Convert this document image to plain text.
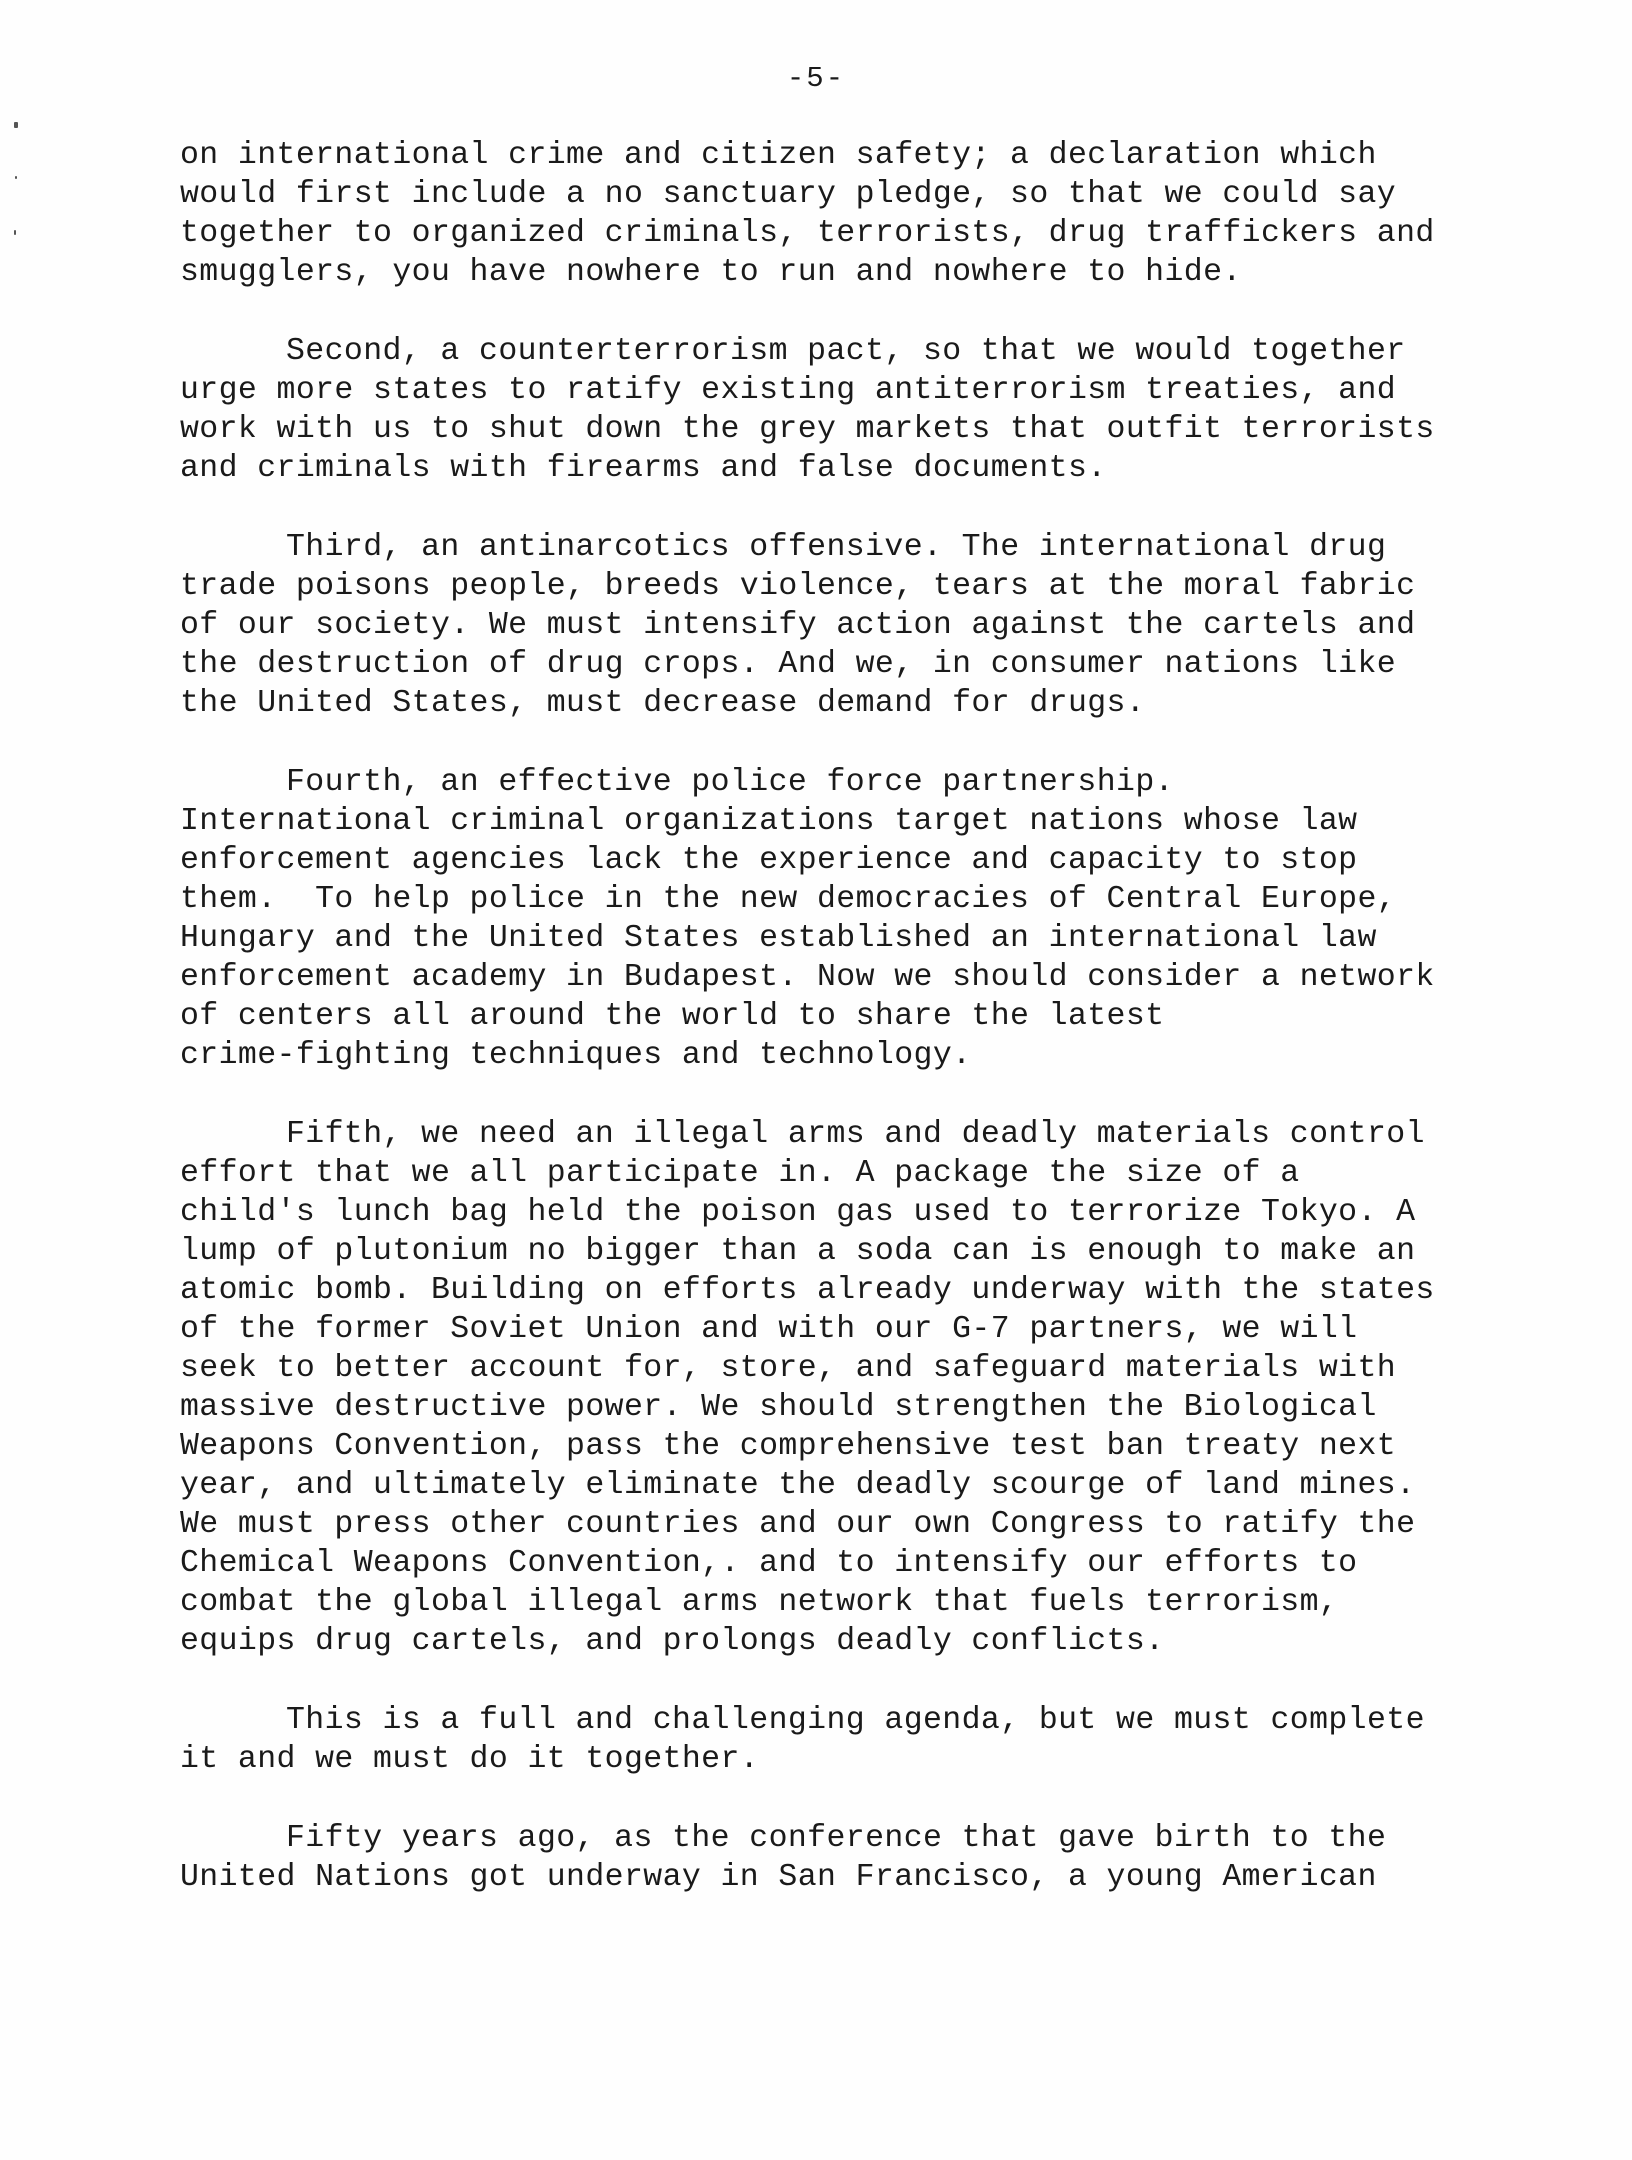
-5-
on international crime and citizen safety; a declaration which
would first include a no sanctuary pledge, so that we could say
together to organized criminals, terrorists, drug traffickers and
smugglers, you have nowhere to run and nowhere to hide.
Second, a counterterrorism pact, so that we would together
urge more states to ratify existing antiterrorism treaties, and
work with us to shut down the grey markets that outfit terrorists
and criminals with firearms and false documents.
Third, an antinarcotics offensive. The international drug
trade poisons people, breeds violence, tears at the moral fabric
of our society. We must intensify action against the cartels and
the destruction of drug crops. And we, in consumer nations like
the United States, must decrease demand for drugs.
Fourth, an effective police force partnership.
International criminal organizations target nations whose law
enforcement agencies lack the experience and capacity to stop
them.  To help police in the new democracies of Central Europe,
Hungary and the United States established an international law
enforcement academy in Budapest. Now we should consider a network
of centers all around the world to share the latest
crime-fighting techniques and technology.
Fifth, we need an illegal arms and deadly materials control
effort that we all participate in. A package the size of a
child's lunch bag held the poison gas used to terrorize Tokyo. A
lump of plutonium no bigger than a soda can is enough to make an
atomic bomb. Building on efforts already underway with the states
of the former Soviet Union and with our G-7 partners, we will
seek to better account for, store, and safeguard materials with
massive destructive power. We should strengthen the Biological
Weapons Convention, pass the comprehensive test ban treaty next
year, and ultimately eliminate the deadly scourge of land mines.
We must press other countries and our own Congress to ratify the
Chemical Weapons Convention,. and to intensify our efforts to
combat the global illegal arms network that fuels terrorism,
equips drug cartels, and prolongs deadly conflicts.
This is a full and challenging agenda, but we must complete
it and we must do it together.
Fifty years ago, as the conference that gave birth to the
United Nations got underway in San Francisco, a young American
